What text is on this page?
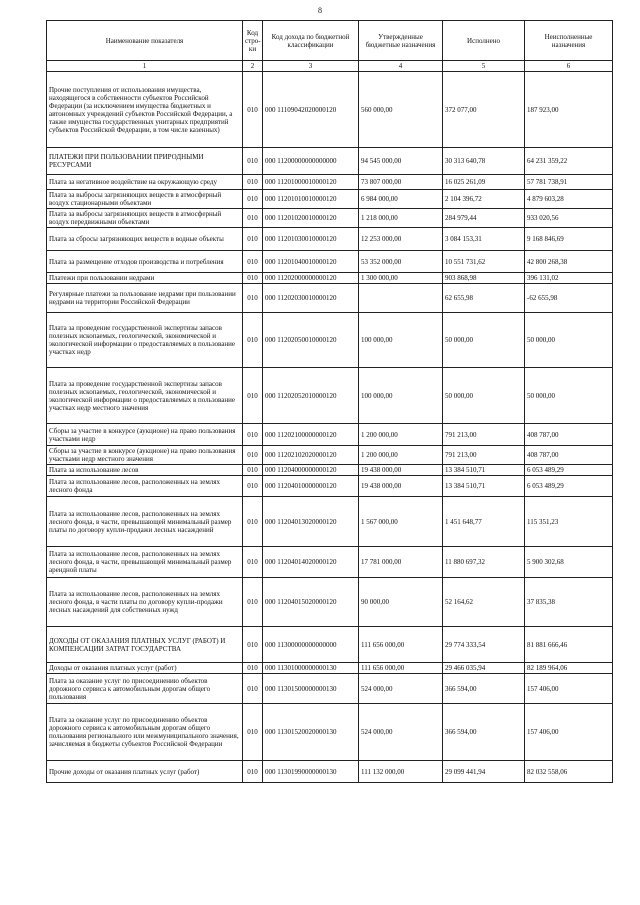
8
Наименование показателя	Код стро-ки	Код дохода по бюджетной классификации	Утвержденные бюджетные назначения	Исполнено	Неисполненные назначения
1	2	3	4	5	6
Прочие поступления от использования имущества, находящегося в собственности субъектов Российской Федерации (за исключением имущества бюджетных и автономных учреждений субъектов Российской Федерации, а также имущества государственных унитарных предприятий субъектов Российской Федерации, в том числе казенных)	010	000 11109042020000120	560 000,00	372 077,00	187 923,00
ПЛАТЕЖИ ПРИ ПОЛЬЗОВАНИИ ПРИРОДНЫМИ РЕСУРСАМИ	010	000 11200000000000000	94 545 000,00	30 313 640,78	64 231 359,22
Плата за негативное воздействие на окружающую среду	010	000 11201000010000120	73 807 000,00	16 025 261,09	57 781 738,91
Плата за выбросы загрязняющих веществ в атмосферный воздух стационарными объектами	010	000 11201010010000120	6 984 000,00	2 104 396,72	4 879 603,28
Плата за выбросы загрязняющих веществ в атмосферный воздух передвижными объектами	010	000 11201020010000120	1 218 000,00	284 979,44	933 020,56
Плата за сбросы загрязняющих веществ в водные объекты	010	000 11201030010000120	12 253 000,00	3 084 153,31	9 168 846,69
Плата за размещение отходов производства и потребления	010	000 11201040010000120	53 352 000,00	10 551 731,62	42 800 268,38
Платежи при пользовании недрами	010	000 11202000000000120	1 300 000,00	903 868,98	396 131,02
Регулярные платежи за пользование недрами при пользовании недрами на территории Российской Федерации	010	000 11202030010000120		62 655,98	-62 655,98
Плата за проведение государственной экспертизы запасов полезных ископаемых, геологической, экономической и экологической информации о предоставляемых в пользование участках недр	010	000 11202050010000120	100 000,00	50 000,00	50 000,00
Плата за проведение государственной экспертизы запасов полезных ископаемых, геологической, экономической и экологической информации о предоставляемых в пользование участках недр местного значения	010	000 11202052010000120	100 000,00	50 000,00	50 000,00
Сборы за участие в конкурсе (аукционе) на право пользования участками недр	010	000 11202100000000120	1 200 000,00	791 213,00	408 787,00
Сборы за участие в конкурсе (аукционе) на право пользования участками недр местного значения	010	000 11202102020000120	1 200 000,00	791 213,00	408 787,00
Плата за использование лесов	010	000 11204000000000120	19 438 000,00	13 384 510,71	6 053 489,29
Плата за использование лесов, расположенных на землях лесного фонда	010	000 11204010000000120	19 438 000,00	13 384 510,71	6 053 489,29
Плата за использование лесов, расположенных на землях лесного фонда, в части, превышающей минимальный размер платы по договору купли-продажи лесных насаждений	010	000 11204013020000120	1 567 000,00	1 451 648,77	115 351,23
Плата за использование лесов, расположенных на землях лесного фонда, в части, превышающей минимальный размер арендной платы	010	000 11204014020000120	17 781 000,00	11 880 697,32	5 900 302,68
Плата за использование лесов, расположенных на землях лесного фонда, в части платы по договору купли-продажи лесных насаждений для собственных нужд	010	000 11204015020000120	90 000,00	52 164,62	37 835,38
ДОХОДЫ ОТ ОКАЗАНИЯ ПЛАТНЫХ УСЛУГ (РАБОТ) И КОМПЕНСАЦИИ ЗАТРАТ ГОСУДАРСТВА	010	000 11300000000000000	111 656 000,00	29 774 333,54	81 881 666,46
Доходы от оказания платных услуг (работ)	010	000 11301000000000130	111 656 000,00	29 466 035,94	82 189 964,06
Плата за оказание услуг по присоединению объектов дорожного сервиса к автомобильным дорогам общего пользования	010	000 11301500000000130	524 000,00	366 594,00	157 406,00
Плата за оказание услуг по присоединению объектов дорожного сервиса к автомобильным дорогам общего пользования регионального или межмуниципального значения, зачисляемая в бюджеты субъектов Российской Федерации	010	000 11301520020000130	524 000,00	366 594,00	157 406,00
Прочие доходы от оказания платных услуг (работ)	010	000 11301990000000130	111 132 000,00	29 099 441,94	82 032 558,06
